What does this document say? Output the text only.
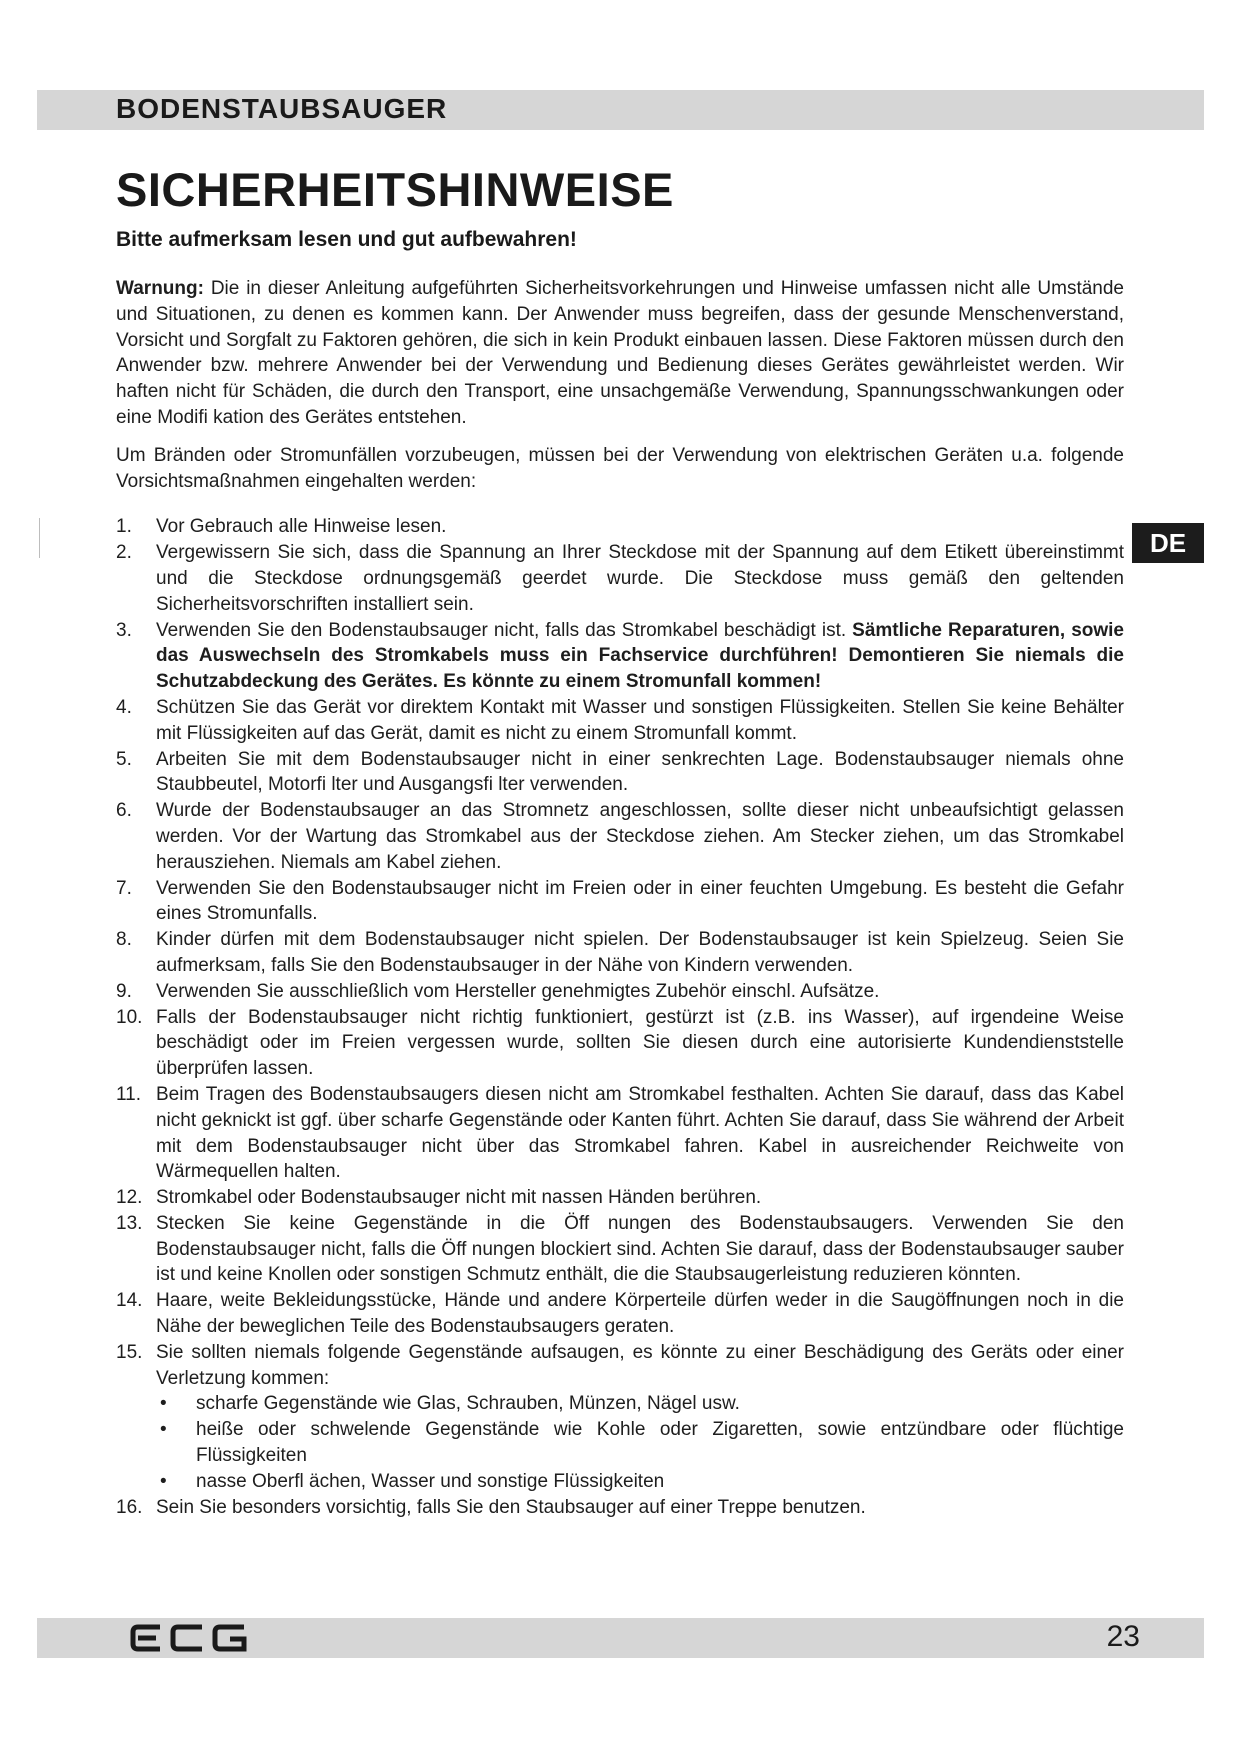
BODENSTAUBSAUGER
SICHERHEITSHINWEISE
Bitte aufmerksam lesen und gut aufbewahren!
DE

Warnung: Die in dieser Anleitung aufgeführten Sicherheitsvorkehrungen und Hinweise umfassen nicht alle Umstände und Situationen, zu denen es kommen kann. Der Anwender muss begreifen, dass der gesunde Menschenverstand, Vorsicht und Sorgfalt zu Faktoren gehören, die sich in kein Produkt einbauen lassen. Diese Faktoren müssen durch den Anwender bzw. mehrere Anwender bei der Verwendung und Bedienung dieses Gerätes gewährleistet werden. Wir haften nicht für Schäden, die durch den Transport, eine unsachgemäße Verwendung, Spannungsschwankungen oder eine Modifi kation des Gerätes entstehen.

Um Bränden oder Stromunfällen vorzubeugen, müssen bei der Verwendung von elektrischen Geräten u.a. folgende Vorsichtsmaßnahmen eingehalten werden:

1. Vor Gebrauch alle Hinweise lesen.
2. Vergewissern Sie sich, dass die Spannung an Ihrer Steckdose mit der Spannung auf dem Etikett übereinstimmt und die Steckdose ordnungsgemäß geerdet wurde. Die Steckdose muss gemäß den geltenden Sicherheitsvorschriften installiert sein.
3. Verwenden Sie den Bodenstaubsauger nicht, falls das Stromkabel beschädigt ist. Sämtliche Reparaturen, sowie das Auswechseln des Stromkabels muss ein Fachservice durchführen! Demontieren Sie niemals die Schutzabdeckung des Gerätes. Es könnte zu einem Stromunfall kommen!
4. Schützen Sie das Gerät vor direktem Kontakt mit Wasser und sonstigen Flüssigkeiten. Stellen Sie keine Behälter mit Flüssigkeiten auf das Gerät, damit es nicht zu einem Stromunfall kommt.
5. Arbeiten Sie mit dem Bodenstaubsauger nicht in einer senkrechten Lage. Bodenstaubsauger niemals ohne Staubbeutel, Motorfi lter und Ausgangsfi lter verwenden.
6. Wurde der Bodenstaubsauger an das Stromnetz angeschlossen, sollte dieser nicht unbeaufsichtigt gelassen werden. Vor der Wartung das Stromkabel aus der Steckdose ziehen. Am Stecker ziehen, um das Stromkabel herausziehen. Niemals am Kabel ziehen.
7. Verwenden Sie den Bodenstaubsauger nicht im Freien oder in einer feuchten Umgebung. Es besteht die Gefahr eines Stromunfalls.
8. Kinder dürfen mit dem Bodenstaubsauger nicht spielen. Der Bodenstaubsauger ist kein Spielzeug. Seien Sie aufmerksam, falls Sie den Bodenstaubsauger in der Nähe von Kindern verwenden.
9. Verwenden Sie ausschließlich vom Hersteller genehmigtes Zubehör einschl. Aufsätze.
10. Falls der Bodenstaubsauger nicht richtig funktioniert, gestürzt ist (z.B. ins Wasser), auf irgendeine Weise beschädigt oder im Freien vergessen wurde, sollten Sie diesen durch eine autorisierte Kundendienststelle überprüfen lassen.
11. Beim Tragen des Bodenstaubsaugers diesen nicht am Stromkabel festhalten. Achten Sie darauf, dass das Kabel nicht geknickt ist ggf. über scharfe Gegenstände oder Kanten führt. Achten Sie darauf, dass Sie während der Arbeit mit dem Bodenstaubsauger nicht über das Stromkabel fahren. Kabel in ausreichender Reichweite von Wärmequellen halten.
12. Stromkabel oder Bodenstaubsauger nicht mit nassen Händen berühren.
13. Stecken Sie keine Gegenstände in die Öff nungen des Bodenstaubsaugers. Verwenden Sie den Bodenstaubsauger nicht, falls die Öff nungen blockiert sind. Achten Sie darauf, dass der Bodenstaubsauger sauber ist und keine Knollen oder sonstigen Schmutz enthält, die die Staubsaugerleistung reduzieren könnten.
14. Haare, weite Bekleidungsstücke, Hände und andere Körperteile dürfen weder in die Saugöffnungen noch in die Nähe der beweglichen Teile des Bodenstaubsaugers geraten.
15. Sie sollten niemals folgende Gegenstände aufsaugen, es könnte zu einer Beschädigung des Geräts oder einer Verletzung kommen:
•	scharfe Gegenstände wie Glas, Schrauben, Münzen, Nägel usw.
•	heiße oder schwelende Gegenstände wie Kohle oder Zigaretten, sowie entzündbare oder flüchtige Flüssigkeiten
•	nasse Oberfl ächen, Wasser und sonstige Flüssigkeiten
16. Sein Sie besonders vorsichtig, falls Sie den Staubsauger auf einer Treppe benutzen.
23
